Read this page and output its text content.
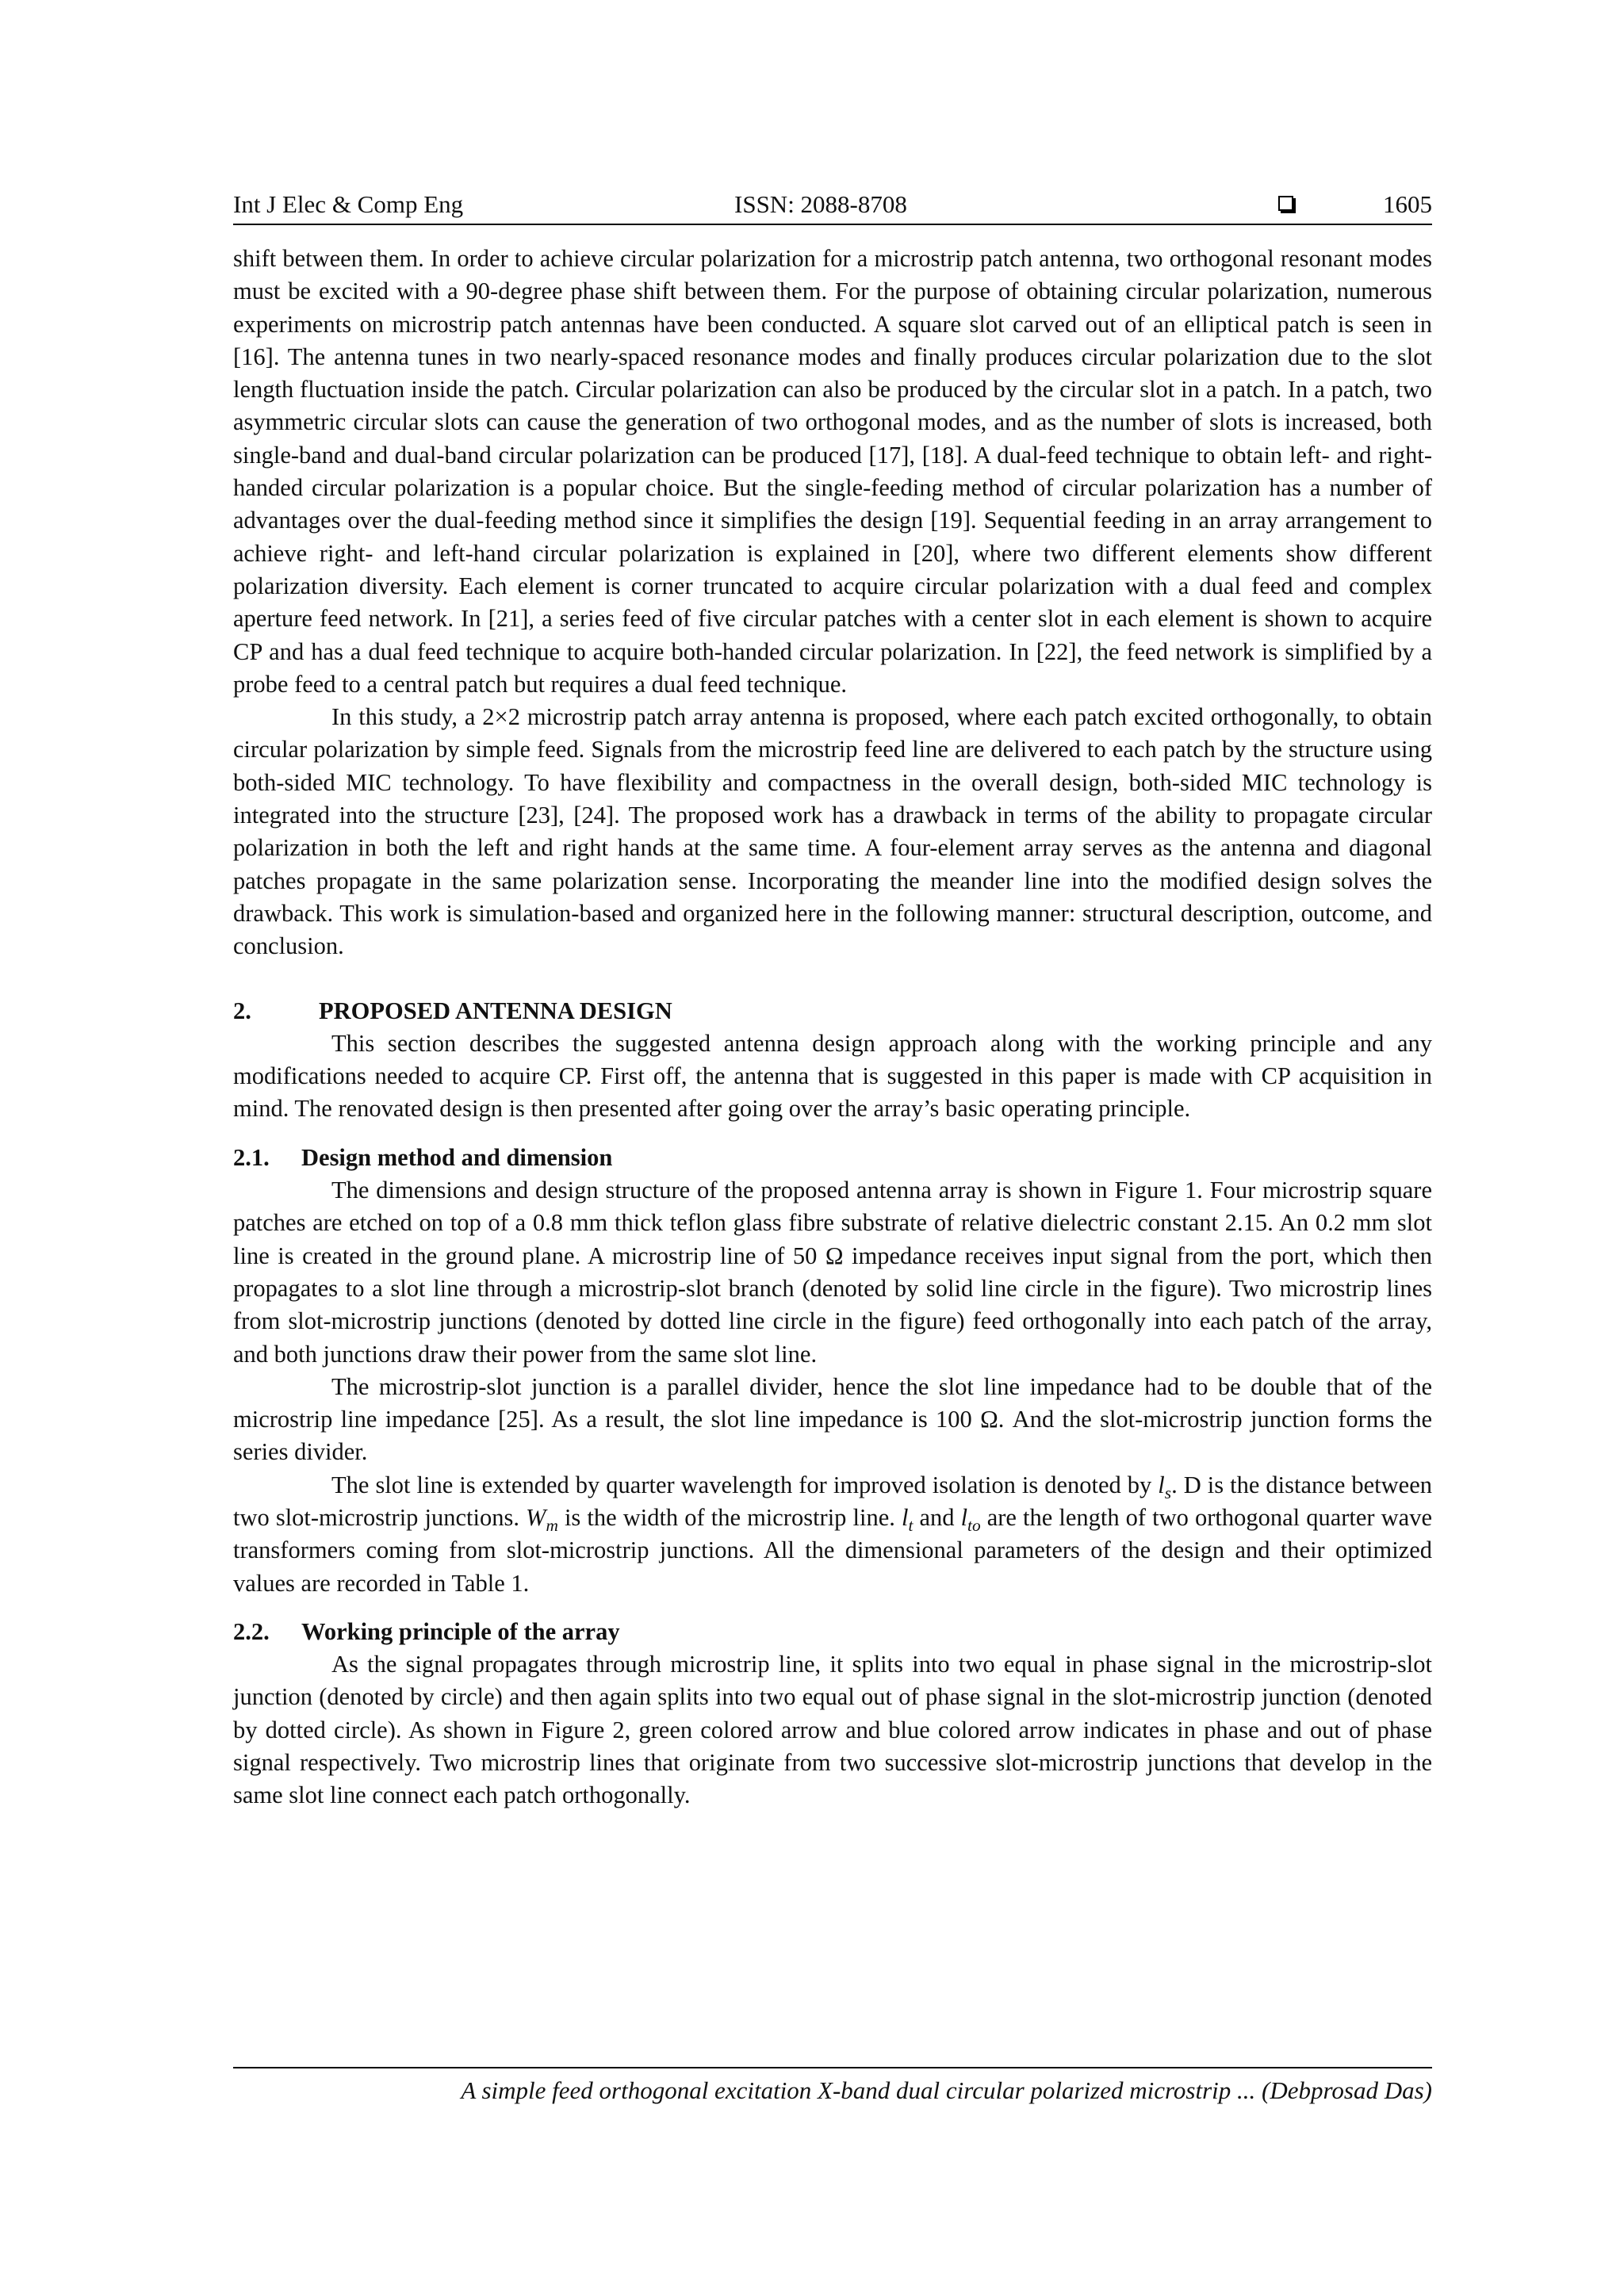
Int J Elec & Comp Eng	ISSN: 2088-8708	1605

shift between them. In order to achieve circular polarization for a microstrip patch antenna, two orthogonal resonant modes must be excited with a 90-degree phase shift between them. For the purpose of obtaining circular polarization, numerous experiments on microstrip patch antennas have been conducted. A square slot carved out of an elliptical patch is seen in [16]. The antenna tunes in two nearly-spaced resonance modes and finally produces circular polarization due to the slot length fluctuation inside the patch. Circular polarization can also be produced by the circular slot in a patch. In a patch, two asymmetric circular slots can cause the generation of two orthogonal modes, and as the number of slots is increased, both single-band and dual-band circular polarization can be produced [17], [18]. A dual-feed technique to obtain left- and right-handed circular polarization is a popular choice. But the single-feeding method of circular polarization has a number of advantages over the dual-feeding method since it simplifies the design [19]. Sequential feeding in an array arrangement to achieve right- and left-hand circular polarization is explained in [20], where two different elements show different polarization diversity. Each element is corner truncated to acquire circular polarization with a dual feed and complex aperture feed network. In [21], a series feed of five circular patches with a center slot in each element is shown to acquire CP and has a dual feed technique to acquire both-handed circular polarization. In [22], the feed network is simplified by a probe feed to a central patch but requires a dual feed technique.

In this study, a 2×2 microstrip patch array antenna is proposed, where each patch excited orthogonally, to obtain circular polarization by simple feed. Signals from the microstrip feed line are delivered to each patch by the structure using both-sided MIC technology. To have flexibility and compactness in the overall design, both-sided MIC technology is integrated into the structure [23], [24]. The proposed work has a drawback in terms of the ability to propagate circular polarization in both the left and right hands at the same time. A four-element array serves as the antenna and diagonal patches propagate in the same polarization sense. Incorporating the meander line into the modified design solves the drawback. This work is simulation-based and organized here in the following manner: structural description, outcome, and conclusion.

2.	PROPOSED ANTENNA DESIGN

This section describes the suggested antenna design approach along with the working principle and any modifications needed to acquire CP. First off, the antenna that is suggested in this paper is made with CP acquisition in mind. The renovated design is then presented after going over the array’s basic operating principle.

2.1. Design method and dimension

The dimensions and design structure of the proposed antenna array is shown in Figure 1. Four microstrip square patches are etched on top of a 0.8 mm thick teflon glass fibre substrate of relative dielectric constant 2.15. An 0.2 mm slot line is created in the ground plane. A microstrip line of 50 Ω impedance receives input signal from the port, which then propagates to a slot line through a microstrip-slot branch (denoted by solid line circle in the figure). Two microstrip lines from slot-microstrip junctions (denoted by dotted line circle in the figure) feed orthogonally into each patch of the array, and both junctions draw their power from the same slot line.

The microstrip-slot junction is a parallel divider, hence the slot line impedance had to be double that of the microstrip line impedance [25]. As a result, the slot line impedance is 100 Ω. And the slot-microstrip junction forms the series divider.

The slot line is extended by quarter wavelength for improved isolation is denoted by $l_s$. D is the distance between two slot-microstrip junctions. $W_m$ is the width of the microstrip line. $l_t$ and $l_{to}$ are the length of two orthogonal quarter wave transformers coming from slot-microstrip junctions. All the dimensional parameters of the design and their optimized values are recorded in Table 1.

2.2. Working principle of the array

As the signal propagates through microstrip line, it splits into two equal in phase signal in the microstrip-slot junction (denoted by circle) and then again splits into two equal out of phase signal in the slot-microstrip junction (denoted by dotted circle). As shown in Figure 2, green colored arrow and blue colored arrow indicates in phase and out of phase signal respectively. Two microstrip lines that originate from two successive slot-microstrip junctions that develop in the same slot line connect each patch orthogonally.

A simple feed orthogonal excitation X-band dual circular polarized microstrip ... (Debprosad Das)
